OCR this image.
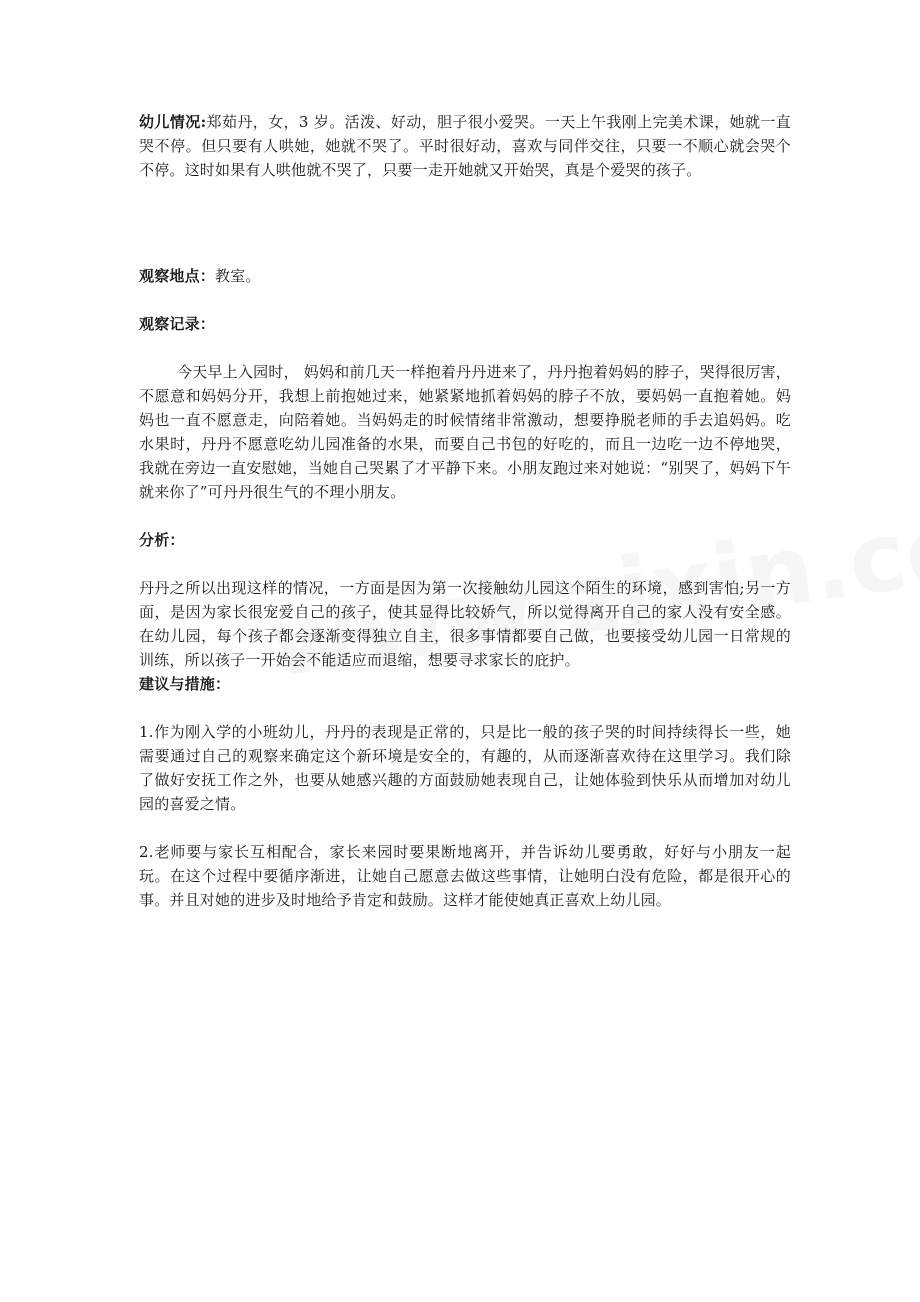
幼儿情况:郑茹丹，女，3 岁。活泼、好动，胆子很小爱哭。一天上午我刚上完美术课，她就一直哭不停。但只要有人哄她，她就不哭了。平时很好动，喜欢与同伴交往，只要一不顺心就会哭个不停。这时如果有人哄他就不哭了，只要一走开她就又开始哭，真是个爱哭的孩子。

观察地点：教室。

观察记录：

今天早上入园时， 妈妈和前几天一样抱着丹丹进来了，丹丹抱着妈妈的脖子，哭得很厉害，不愿意和妈妈分开，我想上前抱她过来，她紧紧地抓着妈妈的脖子不放，要妈妈一直抱着她。妈妈也一直不愿意走，向陪着她。当妈妈走的时候情绪非常激动，想要挣脱老师的手去追妈妈。吃水果时，丹丹不愿意吃幼儿园准备的水果，而要自己书包的好吃的，而且一边吃一边不停地哭，我就在旁边一直安慰她，当她自己哭累了才平静下来。小朋友跑过来对她说：“别哭了，妈妈下午就来你了”可丹丹很生气的不理小朋友。

分析：

丹丹之所以出现这样的情况，一方面是因为第一次接触幼儿园这个陌生的环境，感到害怕;另一方面，是因为家长很宠爱自己的孩子，使其显得比较娇气，所以觉得离开自己的家人没有安全感。在幼儿园，每个孩子都会逐渐变得独立自主，很多事情都要自己做，也要接受幼儿园一日常规的训练，所以孩子一开始会不能适应而退缩，想要寻求家长的庇护。

建议与措施：

1.作为刚入学的小班幼儿，丹丹的表现是正常的，只是比一般的孩子哭的时间持续得长一些，她需要通过自己的观察来确定这个新环境是安全的，有趣的，从而逐渐喜欢待在这里学习。我们除了做好安抚工作之外，也要从她感兴趣的方面鼓励她表现自己，让她体验到快乐从而增加对幼儿园的喜爱之情。

2.老师要与家长互相配合，家长来园时要果断地离开，并告诉幼儿要勇敢，好好与小朋友一起玩。在这个过程中要循序渐进，让她自己愿意去做这些事情，让她明白没有危险，都是很开心的事。并且对她的进步及时地给予肯定和鼓励。这样才能使她真正喜欢上幼儿园。
